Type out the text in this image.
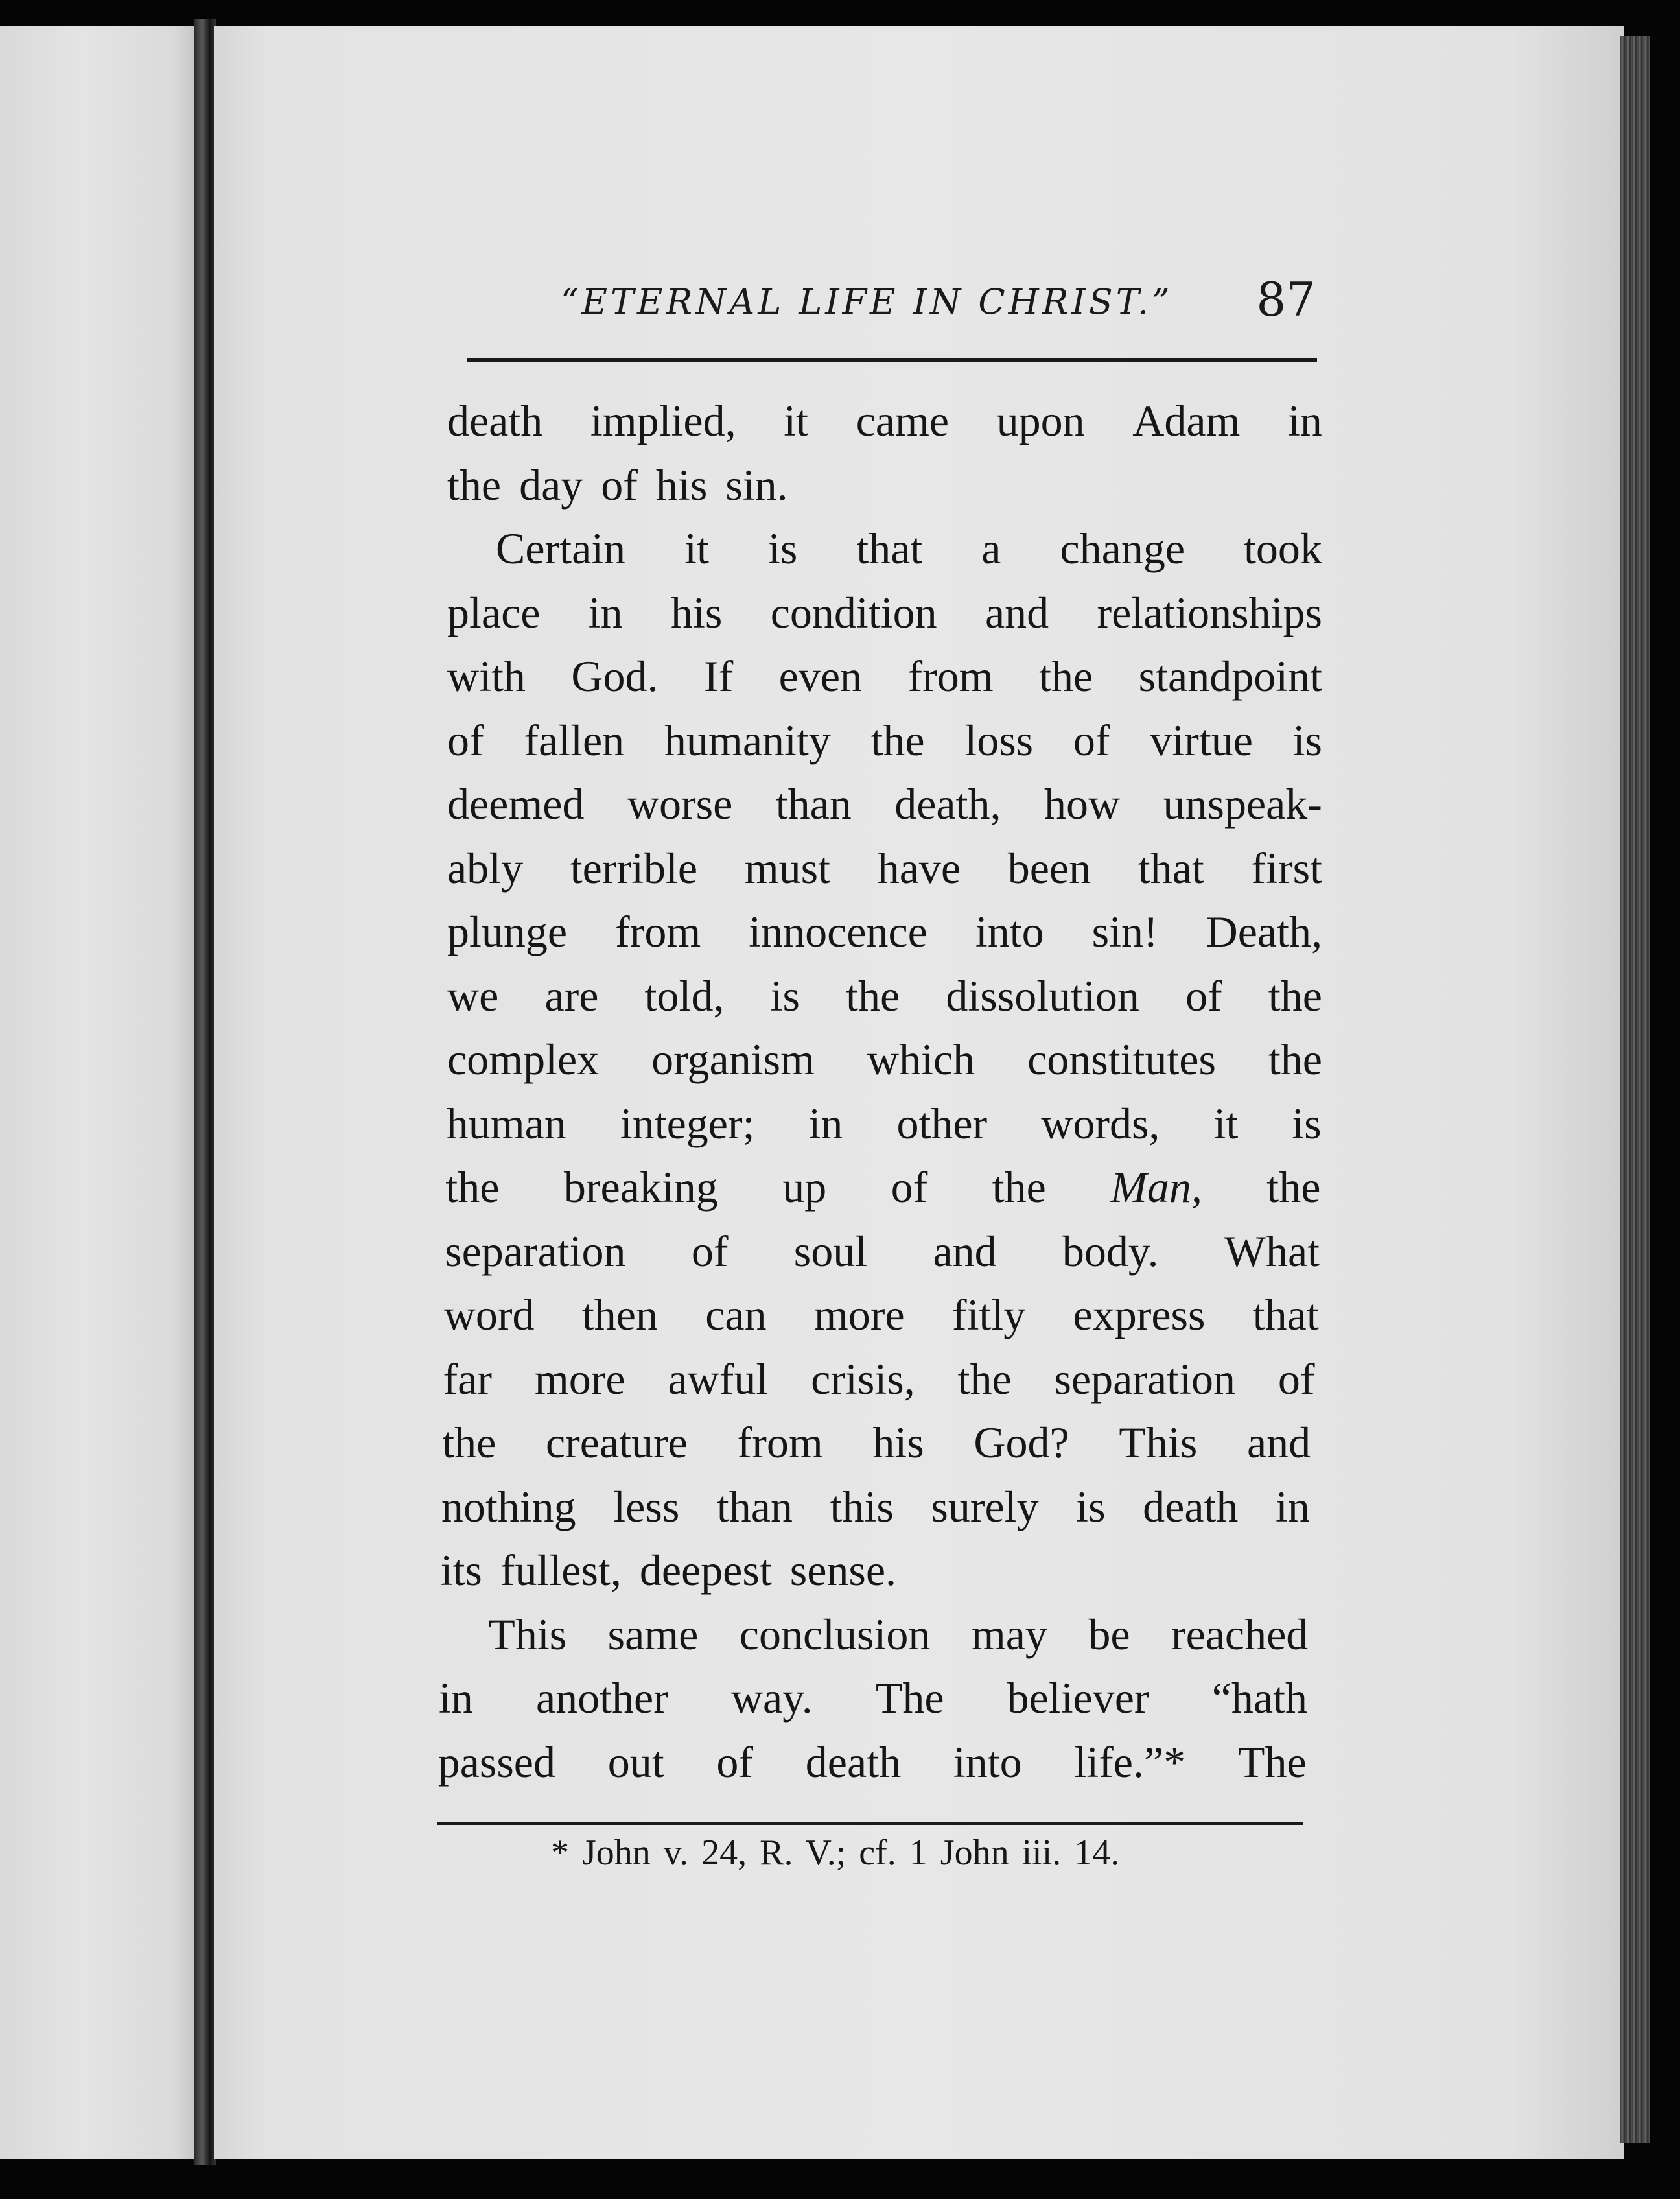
“ETERNAL LIFE IN CHRIST.” 87
death implied, it came upon Adam in
the day of his sin.
Certain it is that a change took
place in his condition and relationships
with God. If even from the standpoint
of fallen humanity the loss of virtue is
deemed worse than death, how unspeak-
ably terrible must have been that first
plunge from innocence into sin! Death,
we are told, is the dissolution of the
complex organism which constitutes the
human integer; in other words, it is
the breaking up of the Man, the
separation of soul and body. What
word then can more fitly express that
far more awful crisis, the separation of
the creature from his God? This and
nothing less than this surely is death in
its fullest, deepest sense.
This same conclusion may be reached
in another way. The believer “hath
passed out of death into life.”* The
* John v. 24, R. V.; cf. 1 John iii. 14.
